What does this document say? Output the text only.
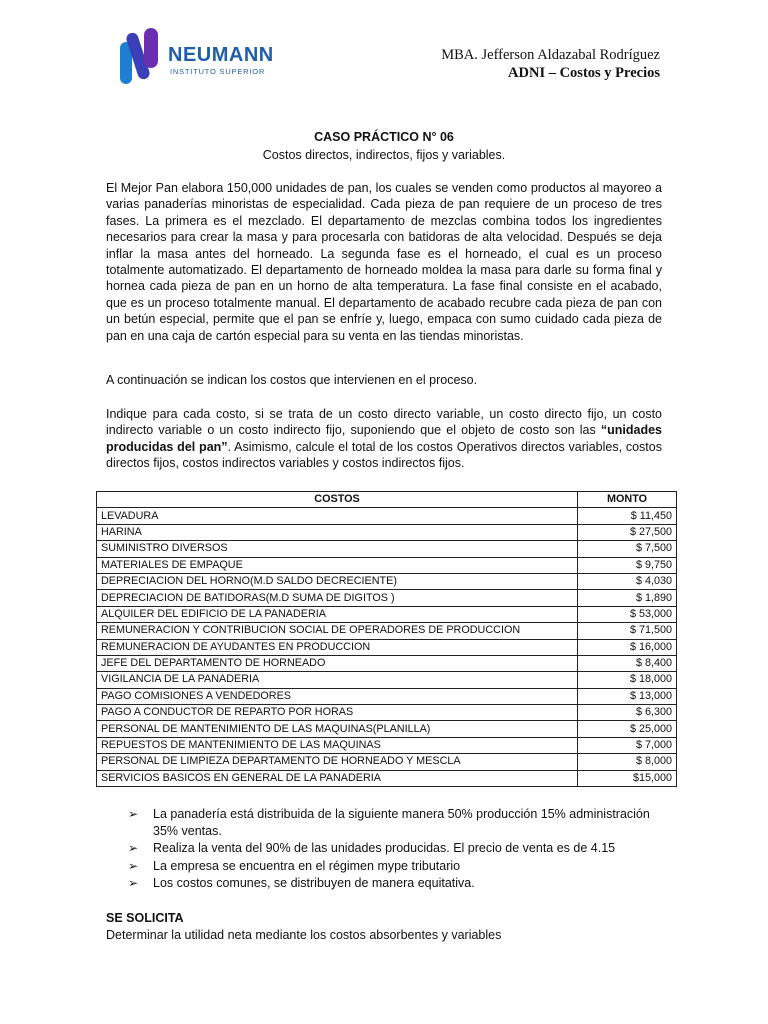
NEUMANN
INSTITUTO SUPERIOR
MBA. Jefferson Aldazabal Rodríguez
ADNI – Costos y Precios
CASO PRÁCTICO N° 06
Costos directos, indirectos, fijos y variables.
El Mejor Pan elabora 150,000 unidades de pan, los cuales se venden como productos al mayoreo a varias panaderías minoristas de especialidad. Cada pieza de pan requiere de un proceso de tres fases. La primera es el mezclado. El departamento de mezclas combina todos los ingredientes necesarios para crear la masa y para procesarla con batidoras de alta velocidad. Después se deja inflar la masa antes del horneado. La segunda fase es el horneado, el cual es un proceso totalmente automatizado. El departamento de horneado moldea la masa para darle su forma final y hornea cada pieza de pan en un horno de alta temperatura. La fase final consiste en el acabado, que es un proceso totalmente manual. El departamento de acabado recubre cada pieza de pan con un betún especial, permite que el pan se enfríe y, luego, empaca con sumo cuidado cada pieza de pan en una caja de cartón especial para su venta en las tiendas minoristas.
A continuación se indican los costos que intervienen en el proceso.
Indique para cada costo, si se trata de un costo directo variable, un costo directo fijo, un costo indirecto variable o un costo indirecto fijo, suponiendo que el objeto de costo son las “unidades producidas del pan”. Asimismo, calcule el total de los costos Operativos directos variables, costos directos fijos, costos indirectos variables y costos indirectos fijos.
COSTOS	MONTO
LEVADURA	$ 11,450
HARINA	$ 27,500
SUMINISTRO DIVERSOS	$ 7,500
MATERIALES DE EMPAQUE	$ 9,750
DEPRECIACION DEL HORNO(M.D SALDO DECRECIENTE)	$ 4,030
DEPRECIACION DE BATIDORAS(M.D SUMA DE DIGITOS )	$ 1,890
ALQUILER DEL EDIFICIO DE LA PANADERIA	$ 53,000
REMUNERACION Y CONTRIBUCION SOCIAL DE OPERADORES DE PRODUCCION	$ 71,500
REMUNERACION DE AYUDANTES EN PRODUCCION	$ 16,000
JEFE DEL DEPARTAMENTO DE HORNEADO	$ 8,400
VIGILANCIA DE LA PANADERIA	$ 18,000
PAGO COMISIONES A VENDEDORES	$ 13,000
PAGO A CONDUCTOR DE REPARTO POR HORAS	$ 6,300
PERSONAL DE MANTENIMIENTO DE LAS MAQUINAS(PLANILLA)	$ 25,000
REPUESTOS DE MANTENIMIENTO DE LAS MAQUINAS	$ 7,000
PERSONAL DE LIMPIEZA DEPARTAMENTO DE HORNEADO Y MESCLA	$ 8,000
SERVICIOS BASICOS EN GENERAL DE LA PANADERIA	$15,000
➢ La panadería está distribuida de la siguiente manera 50% producción 15% administración 35% ventas.
➢ Realiza la venta del 90% de las unidades producidas. El precio de venta es de 4.15
➢ La empresa se encuentra en el régimen mype tributario
➢ Los costos comunes, se distribuyen de manera equitativa.
SE SOLICITA
Determinar la utilidad neta mediante los costos absorbentes y variables
